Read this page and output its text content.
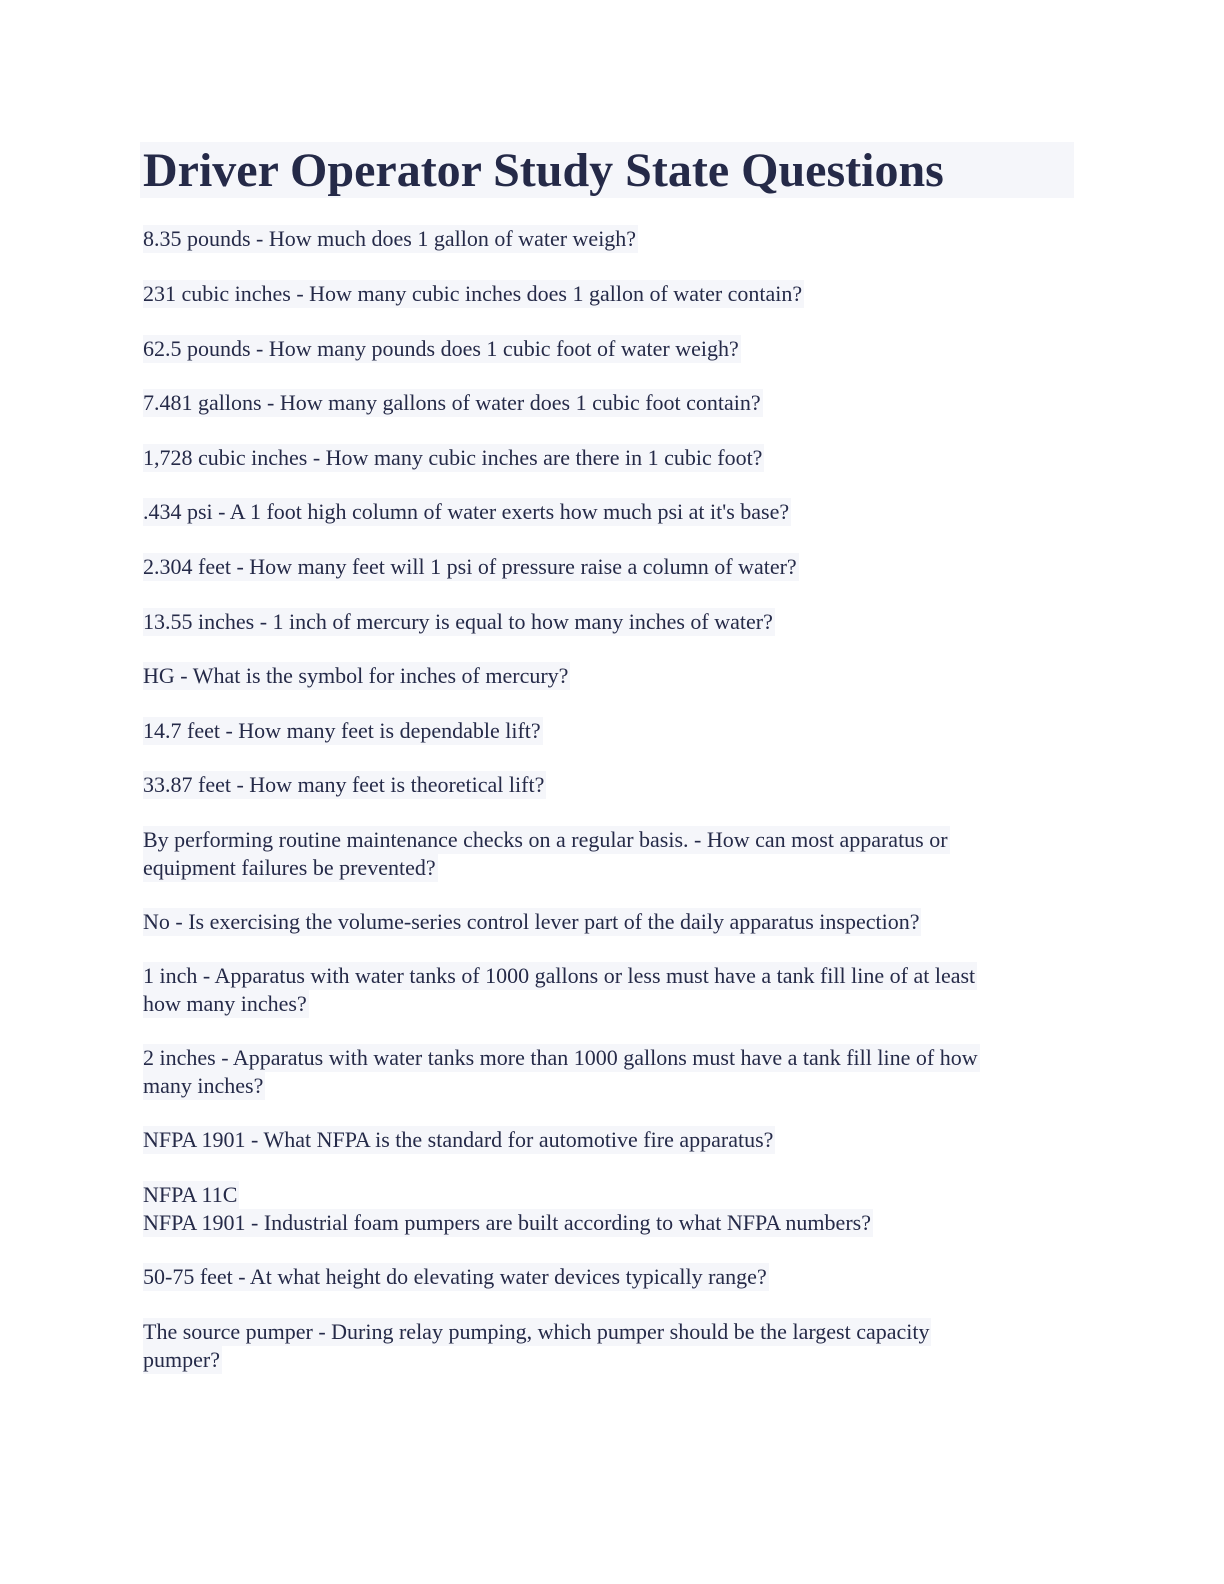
Driver Operator Study State Questions
8.35 pounds - How much does 1 gallon of water weigh?
231 cubic inches - How many cubic inches does 1 gallon of water contain?
62.5 pounds - How many pounds does 1 cubic foot of water weigh?
7.481 gallons - How many gallons of water does 1 cubic foot contain?
1,728 cubic inches - How many cubic inches are there in 1 cubic foot?
.434 psi - A 1 foot high column of water exerts how much psi at it's base?
2.304 feet - How many feet will 1 psi of pressure raise a column of water?
13.55 inches - 1 inch of mercury is equal to how many inches of water?
HG - What is the symbol for inches of mercury?
14.7 feet - How many feet is dependable lift?
33.87 feet - How many feet is theoretical lift?
By performing routine maintenance checks on a regular basis. - How can most apparatus or
equipment failures be prevented?
No - Is exercising the volume-series control lever part of the daily apparatus inspection?
1 inch - Apparatus with water tanks of 1000 gallons or less must have a tank fill line of at least
how many inches?
2 inches - Apparatus with water tanks more than 1000 gallons must have a tank fill line of how
many inches?
NFPA 1901 - What NFPA is the standard for automotive fire apparatus?
NFPA 11C
NFPA 1901 - Industrial foam pumpers are built according to what NFPA numbers?
50-75 feet - At what height do elevating water devices typically range?
The source pumper - During relay pumping, which pumper should be the largest capacity
pumper?
